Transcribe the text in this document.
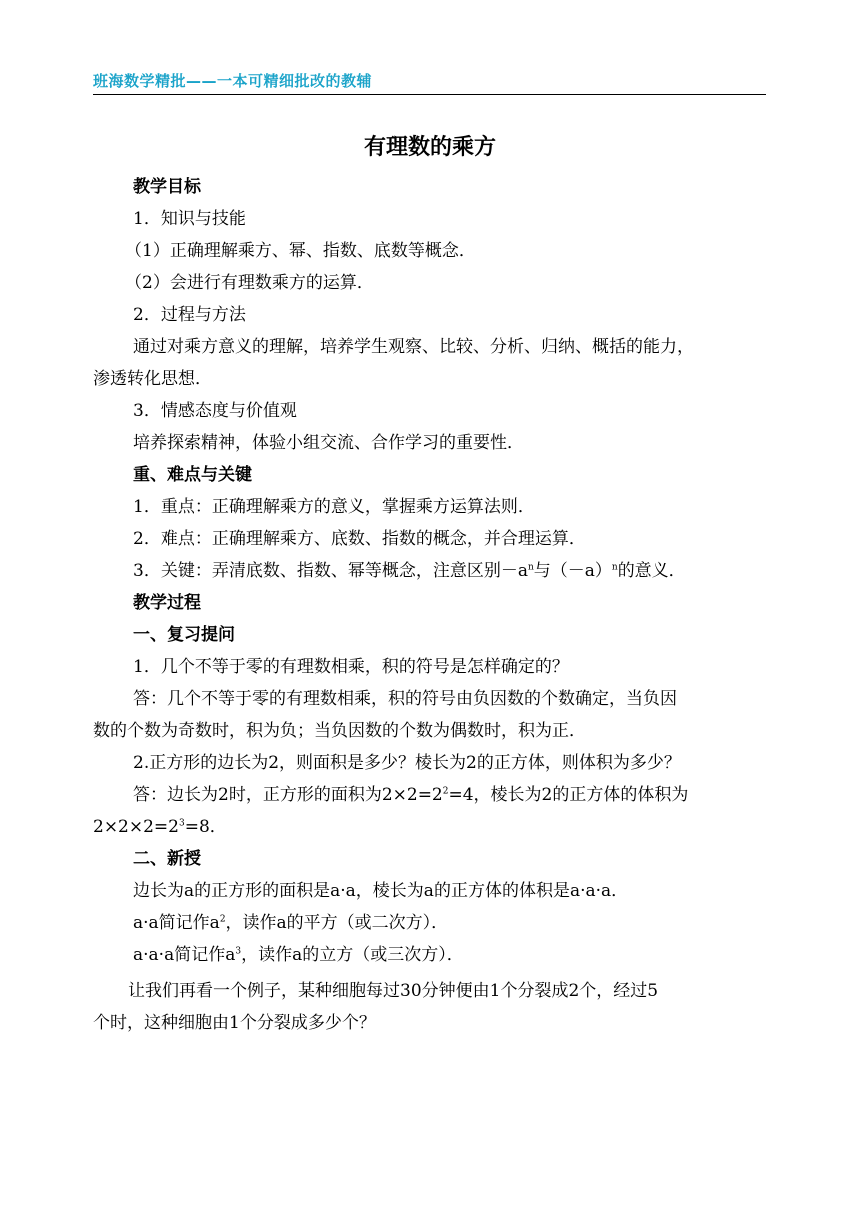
班海数学精批——一本可精细批改的教辅
有理数的乘方
教学目标
1．知识与技能
（1）正确理解乘方、幂、指数、底数等概念．
（2）会进行有理数乘方的运算．
2．过程与方法
通过对乘方意义的理解，培养学生观察、比较、分析、归纳、概括的能力，
渗透转化思想．
3．情感态度与价值观
培养探索精神，体验小组交流、合作学习的重要性．
重、难点与关键
1．重点：正确理解乘方的意义，掌握乘方运算法则．
2．难点：正确理解乘方、底数、指数的概念，并合理运算．
3．关键：弄清底数、指数、幂等概念，注意区别$-a^n$与$(-a)^n$的意义．
教学过程
一、复习提问
1．几个不等于零的有理数相乘，积的符号是怎样确定的？
答：几个不等于零的有理数相乘，积的符号由负因数的个数确定，当负因
数的个数为奇数时，积为负；当负因数的个数为偶数时，积为正．
2.正方形的边长为2，则面积是多少？棱长为2的正方体，则体积为多少？
答：边长为2时，正方形的面积为$2\times 2=2^2=4$，棱长为2的正方体的体积为
$2\times 2\times 2=2^3=8$．
二、新授
边长为a的正方形的面积是a·a，棱长为a的正方体的体积是a·a·a．
a·a简记作$a^2$，读作a的平方（或二次方）．
a·a·a简记作$a^3$，读作a的立方（或三次方）．
让我们再看一个例子，某种细胞每过30分钟便由1个分裂成2个，经过5
个时，这种细胞由1个分裂成多少个？
